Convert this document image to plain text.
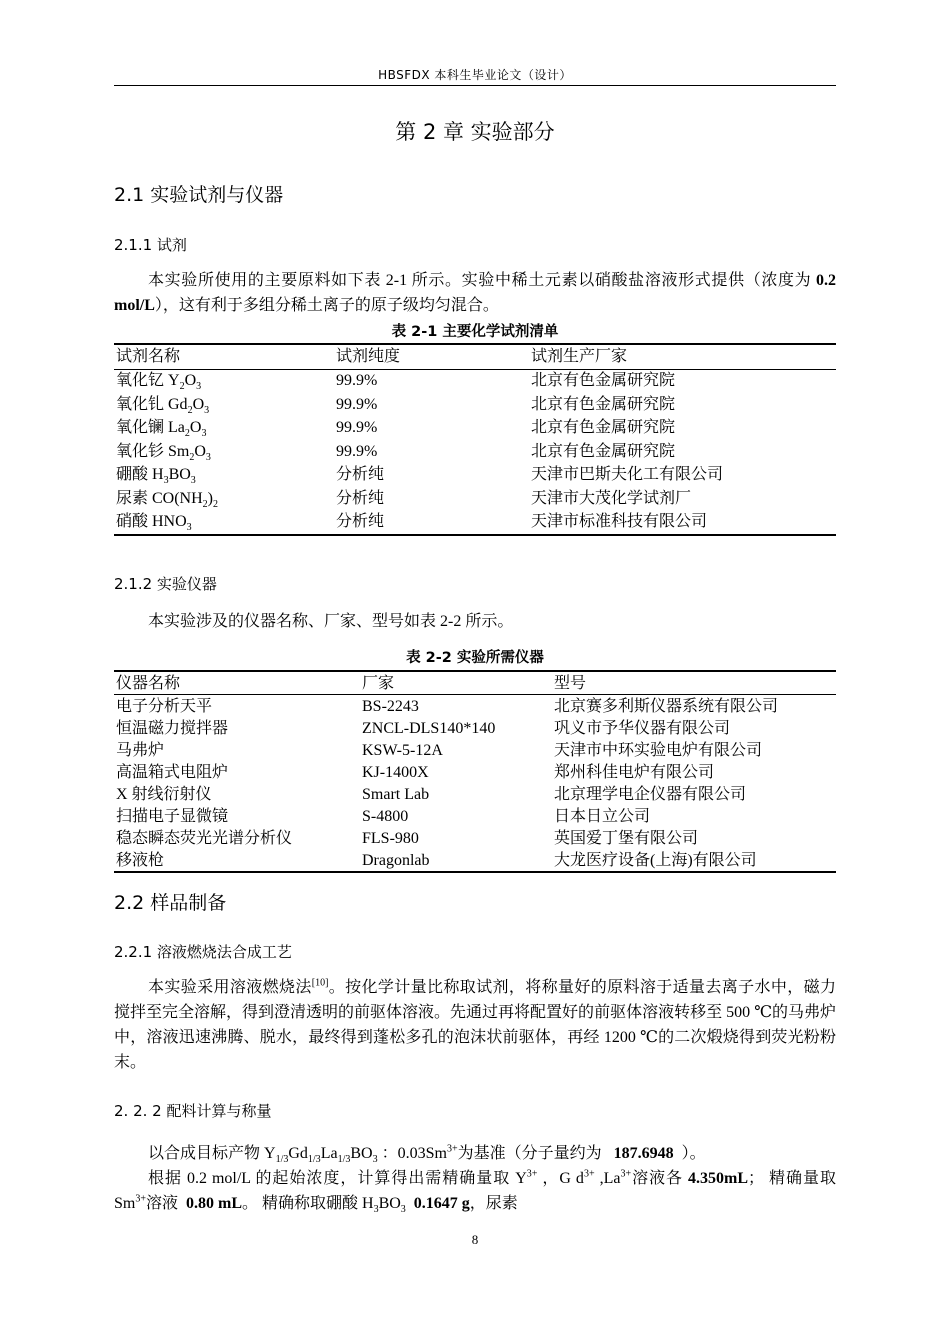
HBSFDX 本科生毕业论文（设计）
第 2 章 实验部分
2.1 实验试剂与仪器
2.1.1 试剂

本实验所使用的主要原料如下表 2-1 所示。实验中稀土元素以硝酸盐溶液形式提供（浓度为 0.2 mol/L），这有利于多组分稀土离子的原子级均匀混合。

表 2-1 主要化学试剂清单
试剂名称	试剂纯度	试剂生产厂家
氧化钇 $Y_2O_3$	99.9%	北京有色金属研究院
氧化钆 $Gd_2O_3$	99.9%	北京有色金属研究院
氧化镧 $La_2O_3$	99.9%	北京有色金属研究院
氧化钐 $Sm_2O_3$	99.9%	北京有色金属研究院
硼酸 $H_3BO_3$	分析纯	天津市巴斯夫化工有限公司
尿素 $CO(NH_2)_2$	分析纯	天津市大茂化学试剂厂
硝酸 $HNO_3$	分析纯	天津市标准科技有限公司
2.1.2 实验仪器

本实验涉及的仪器名称、厂家、型号如表 2-2 所示。

表 2-2 实验所需仪器
仪器名称	厂家	型号
电子分析天平	BS-2243	北京赛多利斯仪器系统有限公司
恒温磁力搅拌器	ZNCL-DLS140*140	巩义市予华仪器有限公司
马弗炉	KSW-5-12A	天津市中环实验电炉有限公司
高温箱式电阻炉	KJ-1400X	郑州科佳电炉有限公司
X 射线衍射仪	Smart Lab	北京理学电企仪器有限公司
扫描电子显微镜	S-4800	日本日立公司
稳态瞬态荧光光谱分析仪	FLS-980	英国爱丁堡有限公司
移液枪	Dragonlab	大龙医疗设备(上海)有限公司
2.2 样品制备
2.2.1 溶液燃烧法合成工艺

本实验采用溶液燃烧法[10]。按化学计量比称取试剂，将称量好的原料溶于适量去离子水中，磁力搅拌至完全溶解，得到澄清透明的前驱体溶液。先通过再将配置好的前驱体溶液转移至 500 ℃的马弗炉中，溶液迅速沸腾、脱水，最终得到蓬松多孔的泡沫状前驱体，再经 1200 ℃的二次煅烧得到荧光粉粉末。

2. 2. 2 配料计算与称量

以合成目标产物 $Y_{1/3}Gd_{1/3}La_{1/3}BO_3$ ：$0.03Sm^{3+}$为基准（分子量约为 187.6948 ）。

根据 0.2 mol/L 的起始浓度，计算得出需精确量取 $Y^{3+}$ ，G $d^{3+}$ $,La^{3+}$溶液各 4.350mL； 精确量取 $Sm^{3+}$溶液 0.80 mL。 精确称取硼酸 $H_3BO_3$ 0.1647 g，尿素

8
